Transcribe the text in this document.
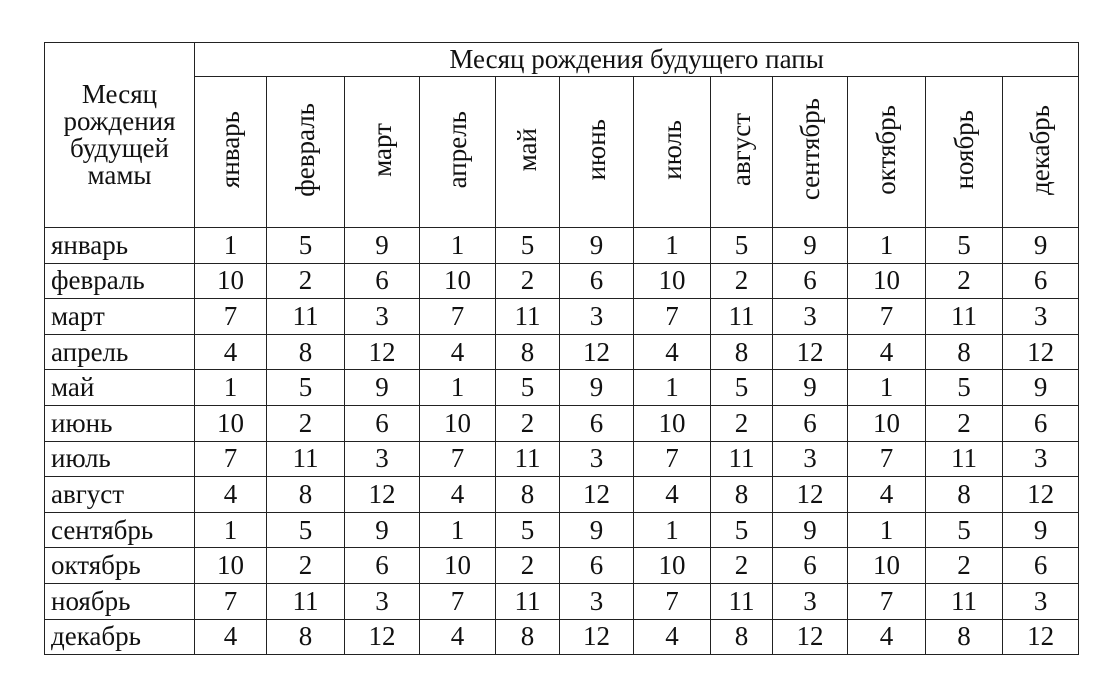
Месяц рождения будущей мамы	Месяц рождения будущего папы											
	январь	февраль	март	апрель	май	июнь	июль	август	сентябрь	октябрь	ноябрь	декабрь
январь	1	5	9	1	5	9	1	5	9	1	5	9
февраль	10	2	6	10	2	6	10	2	6	10	2	6
март	7	11	3	7	11	3	7	11	3	7	11	3
апрель	4	8	12	4	8	12	4	8	12	4	8	12
май	1	5	9	1	5	9	1	5	9	1	5	9
июнь	10	2	6	10	2	6	10	2	6	10	2	6
июль	7	11	3	7	11	3	7	11	3	7	11	3
август	4	8	12	4	8	12	4	8	12	4	8	12
сентябрь	1	5	9	1	5	9	1	5	9	1	5	9
октябрь	10	2	6	10	2	6	10	2	6	10	2	6
ноябрь	7	11	3	7	11	3	7	11	3	7	11	3
декабрь	4	8	12	4	8	12	4	8	12	4	8	12
